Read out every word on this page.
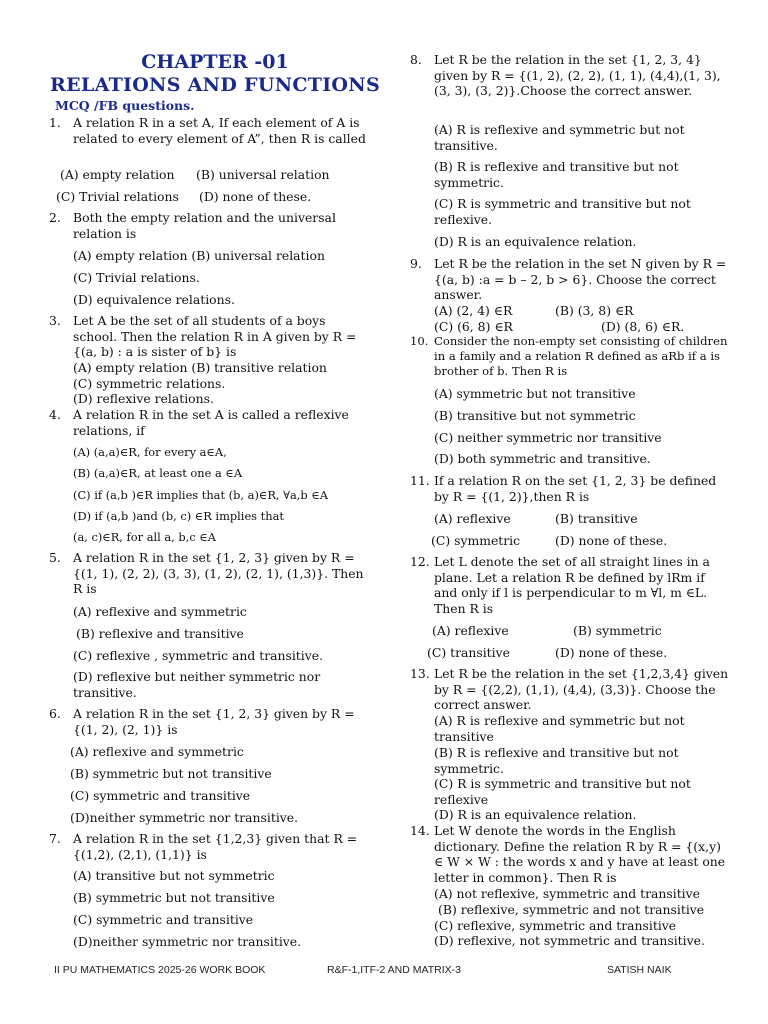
CHAPTER -01
RELATIONS AND FUNCTIONS
MCQ /FB questions.
1. A relation R in a set A, If each element of A is related to every element of A”, then R is called
(A) empty relation (B) universal relation
(C) Trivial relations (D) none of these.
2. Both the empty relation and the universal relation is
(A) empty relation (B) universal relation
(C) Trivial relations.
(D) equivalence relations.
3. Let A be the set of all students of a boys school. Then the relation R in A given by R = {(a, b) : a is sister of b} is
(A) empty relation (B) transitive relation
(C) symmetric relations.
(D) reflexive relations.
4. A relation R in the set A is called a reflexive relations, if
(A) (a,a)∈R, for every a∈A,
(B) (a,a)∈R, at least one a ∈A
(C) if (a,b )∈R implies that (b, a)∈R, ∀a,b ∈A
(D) if (a,b )and (b, c) ∈R implies that
(a, c)∈R, for all a, b,c ∈A
5. A relation R in the set {1, 2, 3} given by R = {(1, 1), (2, 2), (3, 3), (1, 2), (2, 1), (1,3)}. Then R is
(A) reflexive and symmetric
(B) reflexive and transitive
(C) reflexive , symmetric and transitive.
(D) reflexive but neither symmetric nor transitive.
6. A relation R in the set {1, 2, 3} given by R = {(1, 2), (2, 1)} is
(A) reflexive and symmetric
(B) symmetric but not transitive
(C) symmetric and transitive
(D)neither symmetric nor transitive.
7. A relation R in the set {1,2,3} given that R = {(1,2), (2,1), (1,1)} is
(A) transitive but not symmetric
(B) symmetric but not transitive
(C) symmetric and transitive
(D)neither symmetric nor transitive.
8. Let R be the relation in the set {1, 2, 3, 4} given by R = {(1, 2), (2, 2), (1, 1), (4,4),(1, 3), (3, 3), (3, 2)}.Choose the correct answer.
(A) R is reflexive and symmetric but not transitive.
(B) R is reflexive and transitive but not symmetric.
(C) R is symmetric and transitive but not reflexive.
(D) R is an equivalence relation.
9. Let R be the relation in the set N given by R = {(a, b) :a = b – 2, b > 6}. Choose the correct answer.
(A) (2, 4) ∈R	(B) (3, 8) ∈R
(C) (6, 8) ∈R	(D) (8, 6) ∈R.
10. Consider the non-empty set consisting of children in a family and a relation R defined as aRb if a is brother of b. Then R is
(A) symmetric but not transitive
(B) transitive but not symmetric
(C) neither symmetric nor transitive
(D) both symmetric and transitive.
11. If a relation R on the set {1, 2, 3} be defined by R = {(1, 2)},then R is
(A) reflexive	(B) transitive
(C) symmetric	(D) none of these.
12. Let L denote the set of all straight lines in a plane. Let a relation R be defined by lRm if and only if l is perpendicular to m ∀l, m ∈L. Then R is
(A) reflexive	(B) symmetric
(C) transitive	(D) none of these.
13. Let R be the relation in the set {1,2,3,4} given by R = {(2,2), (1,1), (4,4), (3,3)}. Choose the correct answer.
(A) R is reflexive and symmetric but not transitive
(B) R is reflexive and transitive but not symmetric.
(C) R is symmetric and transitive but not reflexive
(D) R is an equivalence relation.
14. Let W denote the words in the English dictionary. Define the relation R by R = {(x,y) ∈ W × W : the words x and y have at least one letter in common}. Then R is
(A) not reflexive, symmetric and transitive
(B) reflexive, symmetric and not transitive
(C) reflexive, symmetric and transitive
(D) reflexive, not symmetric and transitive.
II PU MATHEMATICS 2025-26 WORK BOOK	R&F-1,ITF-2 AND MATRIX-3	SATISH NAIK
